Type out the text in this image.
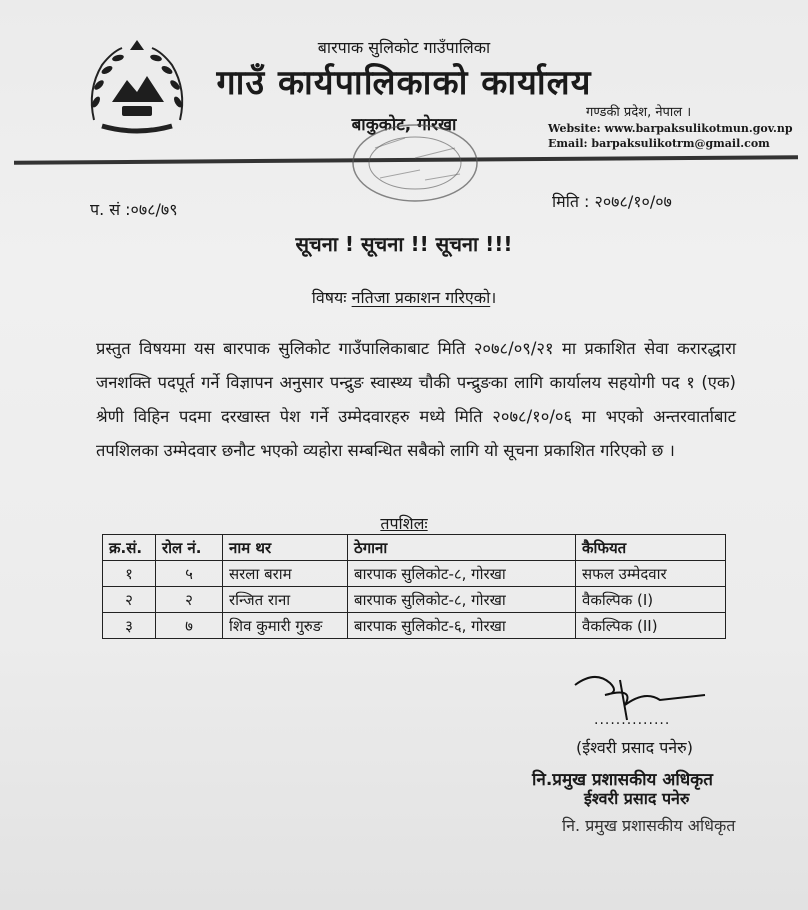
बारपाक सुलिकोट गाउँपालिका
गाउँ कार्यपालिकाको कार्यालय
बाकुकोट, गोरखा
गण्डकी प्रदेश, नेपाल ।
Website: www.barpaksulikotmun.gov.np
Email: barpaksulikotrm@gmail.com
प. सं :०७८/७९	मिति : २०७८/१०/०७
सूचना ! सूचना !! सूचना !!!
विषयः नतिजा प्रकाशन गरिएको।
प्रस्तुत विषयमा यस बारपाक सुलिकोट गाउँपालिकाबाट मिति २०७८/०९/२१ मा प्रकाशित सेवा करारद्धारा जनशक्ति पदपूर्त गर्ने विज्ञापन अनुसार पन्द्रुङ स्वास्थ्य चौकी पन्द्रुङका लागि कार्यालय सहयोगी पद १ (एक) श्रेणी विहिन पदमा दरखास्त पेश गर्ने उम्मेदवारहरु मध्ये मिति २०७८/१०/०६ मा भएको अन्तरवार्ताबाट तपशिलका उम्मेदवार छनौट भएको व्यहोरा सम्बन्धित सबैको लागि यो सूचना प्रकाशित गरिएको छ ।
तपशिलः
क्र.सं.	रोल नं.	नाम थर	ठेगाना	कैफियत
१	५	सरला बराम	बारपाक सुलिकोट-८, गोरखा	सफल उम्मेदवार
२	२	रन्जित राना	बारपाक सुलिकोट-८, गोरखा	वैकल्पिक (I)
३	७	शिव कुमारी गुरुङ	बारपाक सुलिकोट-६, गोरखा	वैकल्पिक (II)
..............
(ईश्वरी प्रसाद पनेरु)
नि.प्रमुख प्रशासकीय अधिकृत
ईश्वरी प्रसाद पनेरु
नि. प्रमुख प्रशासकीय अधिकृत
